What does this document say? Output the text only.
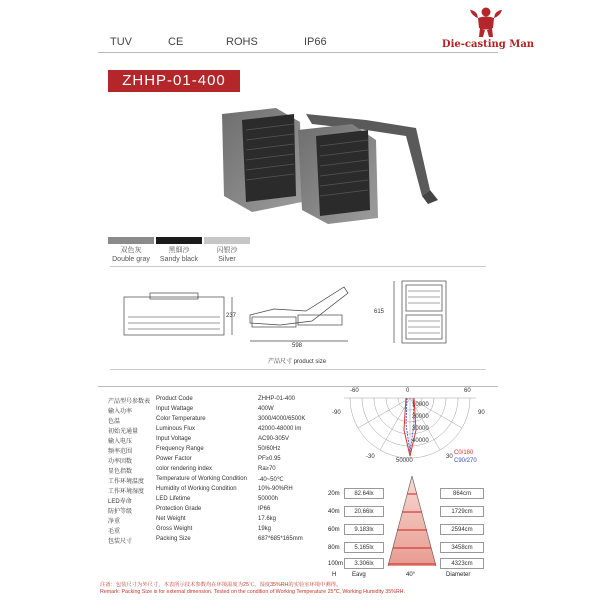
TUV	CE	ROHS	IP66	Die-casting Man
ZHHP-01-400
双色灰
Double gray
黑細沙
Sandy black
闪银沙
Silver
237
598
615
产品尺寸 product size
产品型号参数表 Product Code	ZHHP-01-400
输入功率	Input Wattage	400W
色温	Color Temperature	3000/4000/6500K
初始光通量	Luminous Flux	42000-48000 lm
输入电压	Input Voltage	AC90-305V
频率范围	Frequency Range	50/60Hz
功率因数	Power Factor	PF≥0.95
显色指数	color rendering index	Ra≥70
工作环境温度 Temperature of Working Condition -40~50℃
工作环境湿度 Humidity of Working Condition	10%-90%RH
LED寿命	LED Lifetime	50000h
防护等级	Protection Grade	IP66
净重	Net Weight	17.6kg
毛重	Gross Weight	19kg
包装尺寸	Packing Size	687*685*165mm
-60
-90
0	60
90
-30	30
10000
20000
30000
40000
50000
C0/180
C90/270
20m	82.64lx	864cm
40m	20.66lx	1729cm
60m	9.183lx	2594cm
80m	5.165lx	3458cm
100m	3.306lx	4323cm
H	Eavg	40°	Diameter
注备：包装尺寸为外尺寸，本表所示技术参数均在环境温度为25℃、湿度35%RH的实验室环境中测得。
Remark: Packing Size is for external dimension. Tested on the condition of Working Temperature 25℃, Working Humidity 35%RH.
